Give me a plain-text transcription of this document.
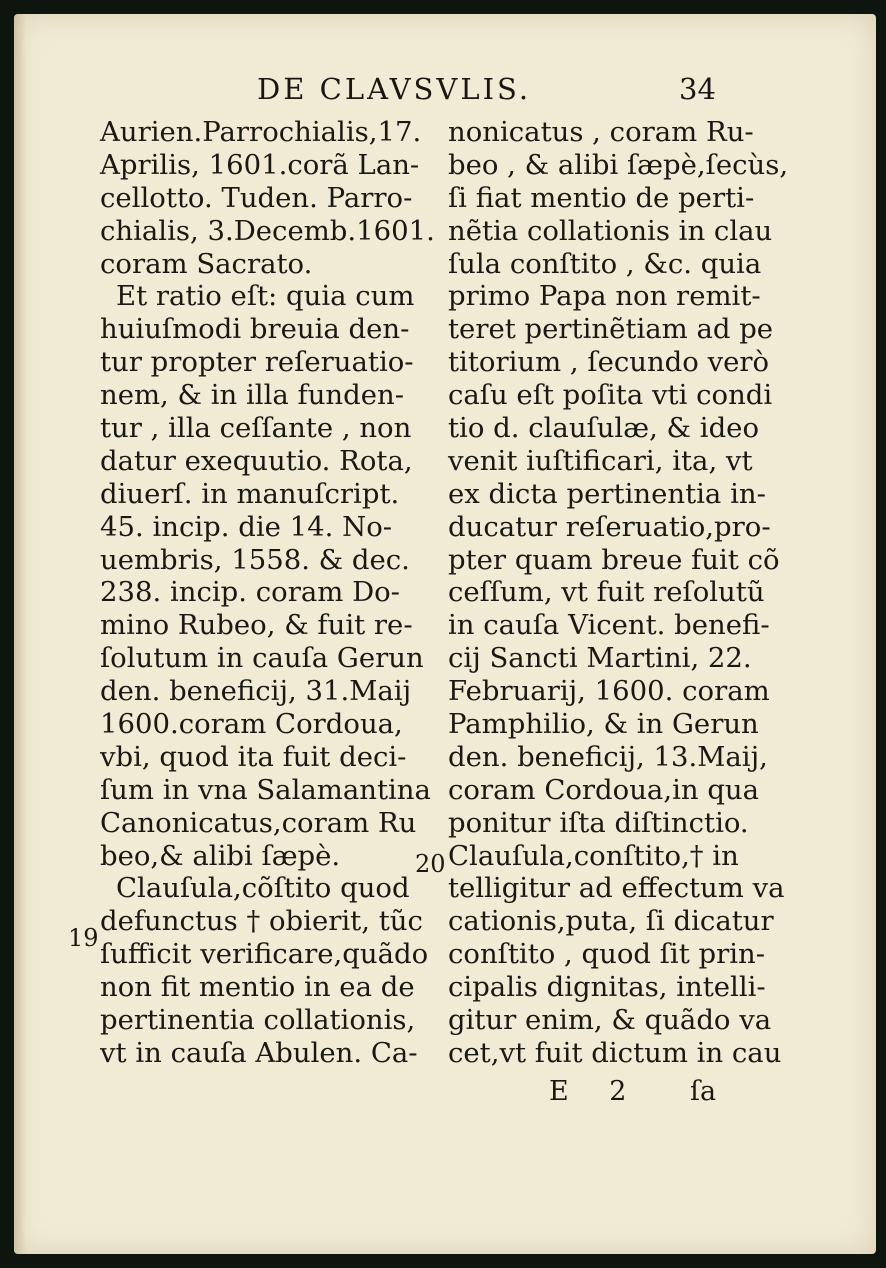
DE CLAVSVLIS.	34
Aurien.Parrochialis,17.
Aprilis, 1601.corã Lan-
cellotto. Tuden. Parro-
chialis, 3.Decemb.1601.
coram Sacrato.
Et ratio eſt: quia cum
huiuſmodi breuia den-
tur propter reſeruatio-
nem, & in illa funden-
tur , illa ceſſante , non
datur exequutio. Rota,
diuerſ. in manuſcript.
45. incip. die 14. No-
uembris, 1558. & dec.
238. incip. coram Do-
mino Rubeo, & fuit re-
ſolutum in cauſa Gerun
den. beneficij, 31.Maij
1600.coram Cordoua,
vbi, quod ita fuit deci-
ſum in vna Salamantina
Canonicatus,coram Ru
beo,& alibi ſæpè.
Clauſula,cõſtito quod
defunctus † obierit, tũc
ſufficit verificare,quãdo
non fit mentio in ea de
pertinentia collationis,
vt in cauſa Abulen. Ca-
19
20
nonicatus , coram Ru-
beo , & alibi ſæpè,ſecùs,
ſi fiat mentio de perti-
nẽtia collationis in clau
ſula conſtito , &c. quia
primo Papa non remit-
teret pertinẽtiam ad pe
titorium , ſecundo verò
caſu eſt poſita vti condi
tio d. clauſulæ, & ideo
venit iuſtificari, ita, vt
ex dicta pertinentia in-
ducatur reſeruatio,pro-
pter quam breue fuit cõ
ceſſum, vt fuit reſolutũ
in cauſa Vicent. benefi-
cij Sancti Martini, 22.
Februarij, 1600. coram
Pamphilio, & in Gerun
den. beneficij, 13.Maij,
coram Cordoua,in qua
ponitur iſta diſtinctio.
Clauſula,conſtito,† in
telligitur ad effectum va
cationis,puta, ſi dicatur
conſtito , quod ſit prin-
cipalis dignitas, intelli-
gitur enim, & quãdo va
cet,vt fuit dictum in cau
E 2 ſa
